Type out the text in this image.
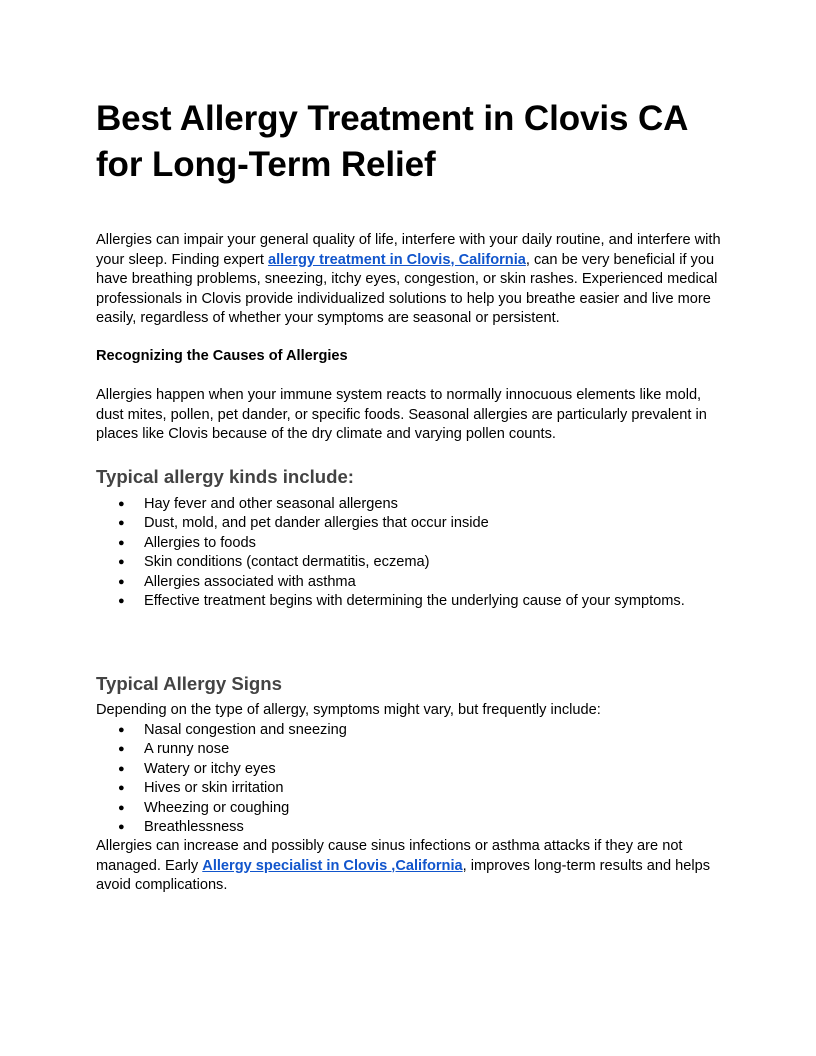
Best Allergy Treatment in Clovis CA for Long-Term Relief

Allergies can impair your general quality of life, interfere with your daily routine, and interfere with your sleep. Finding expert allergy treatment in Clovis, California, can be very beneficial if you have breathing problems, sneezing, itchy eyes, congestion, or skin rashes. Experienced medical professionals in Clovis provide individualized solutions to help you breathe easier and live more easily, regardless of whether your symptoms are seasonal or persistent.

Recognizing the Causes of Allergies

Allergies happen when your immune system reacts to normally innocuous elements like mold, dust mites, pollen, pet dander, or specific foods. Seasonal allergies are particularly prevalent in places like Clovis because of the dry climate and varying pollen counts.

Typical allergy kinds include:
● Hay fever and other seasonal allergens
● Dust, mold, and pet dander allergies that occur inside
● Allergies to foods
● Skin conditions (contact dermatitis, eczema)
● Allergies associated with asthma
● Effective treatment begins with determining the underlying cause of your symptoms.
Typical Allergy Signs

Depending on the type of allergy, symptoms might vary, but frequently include:

● Nasal congestion and sneezing
● A runny nose
● Watery or itchy eyes
● Hives or skin irritation
● Wheezing or coughing
● Breathlessness

Allergies can increase and possibly cause sinus infections or asthma attacks if they are not managed. Early Allergy specialist in Clovis ,California, improves long-term results and helps avoid complications.
